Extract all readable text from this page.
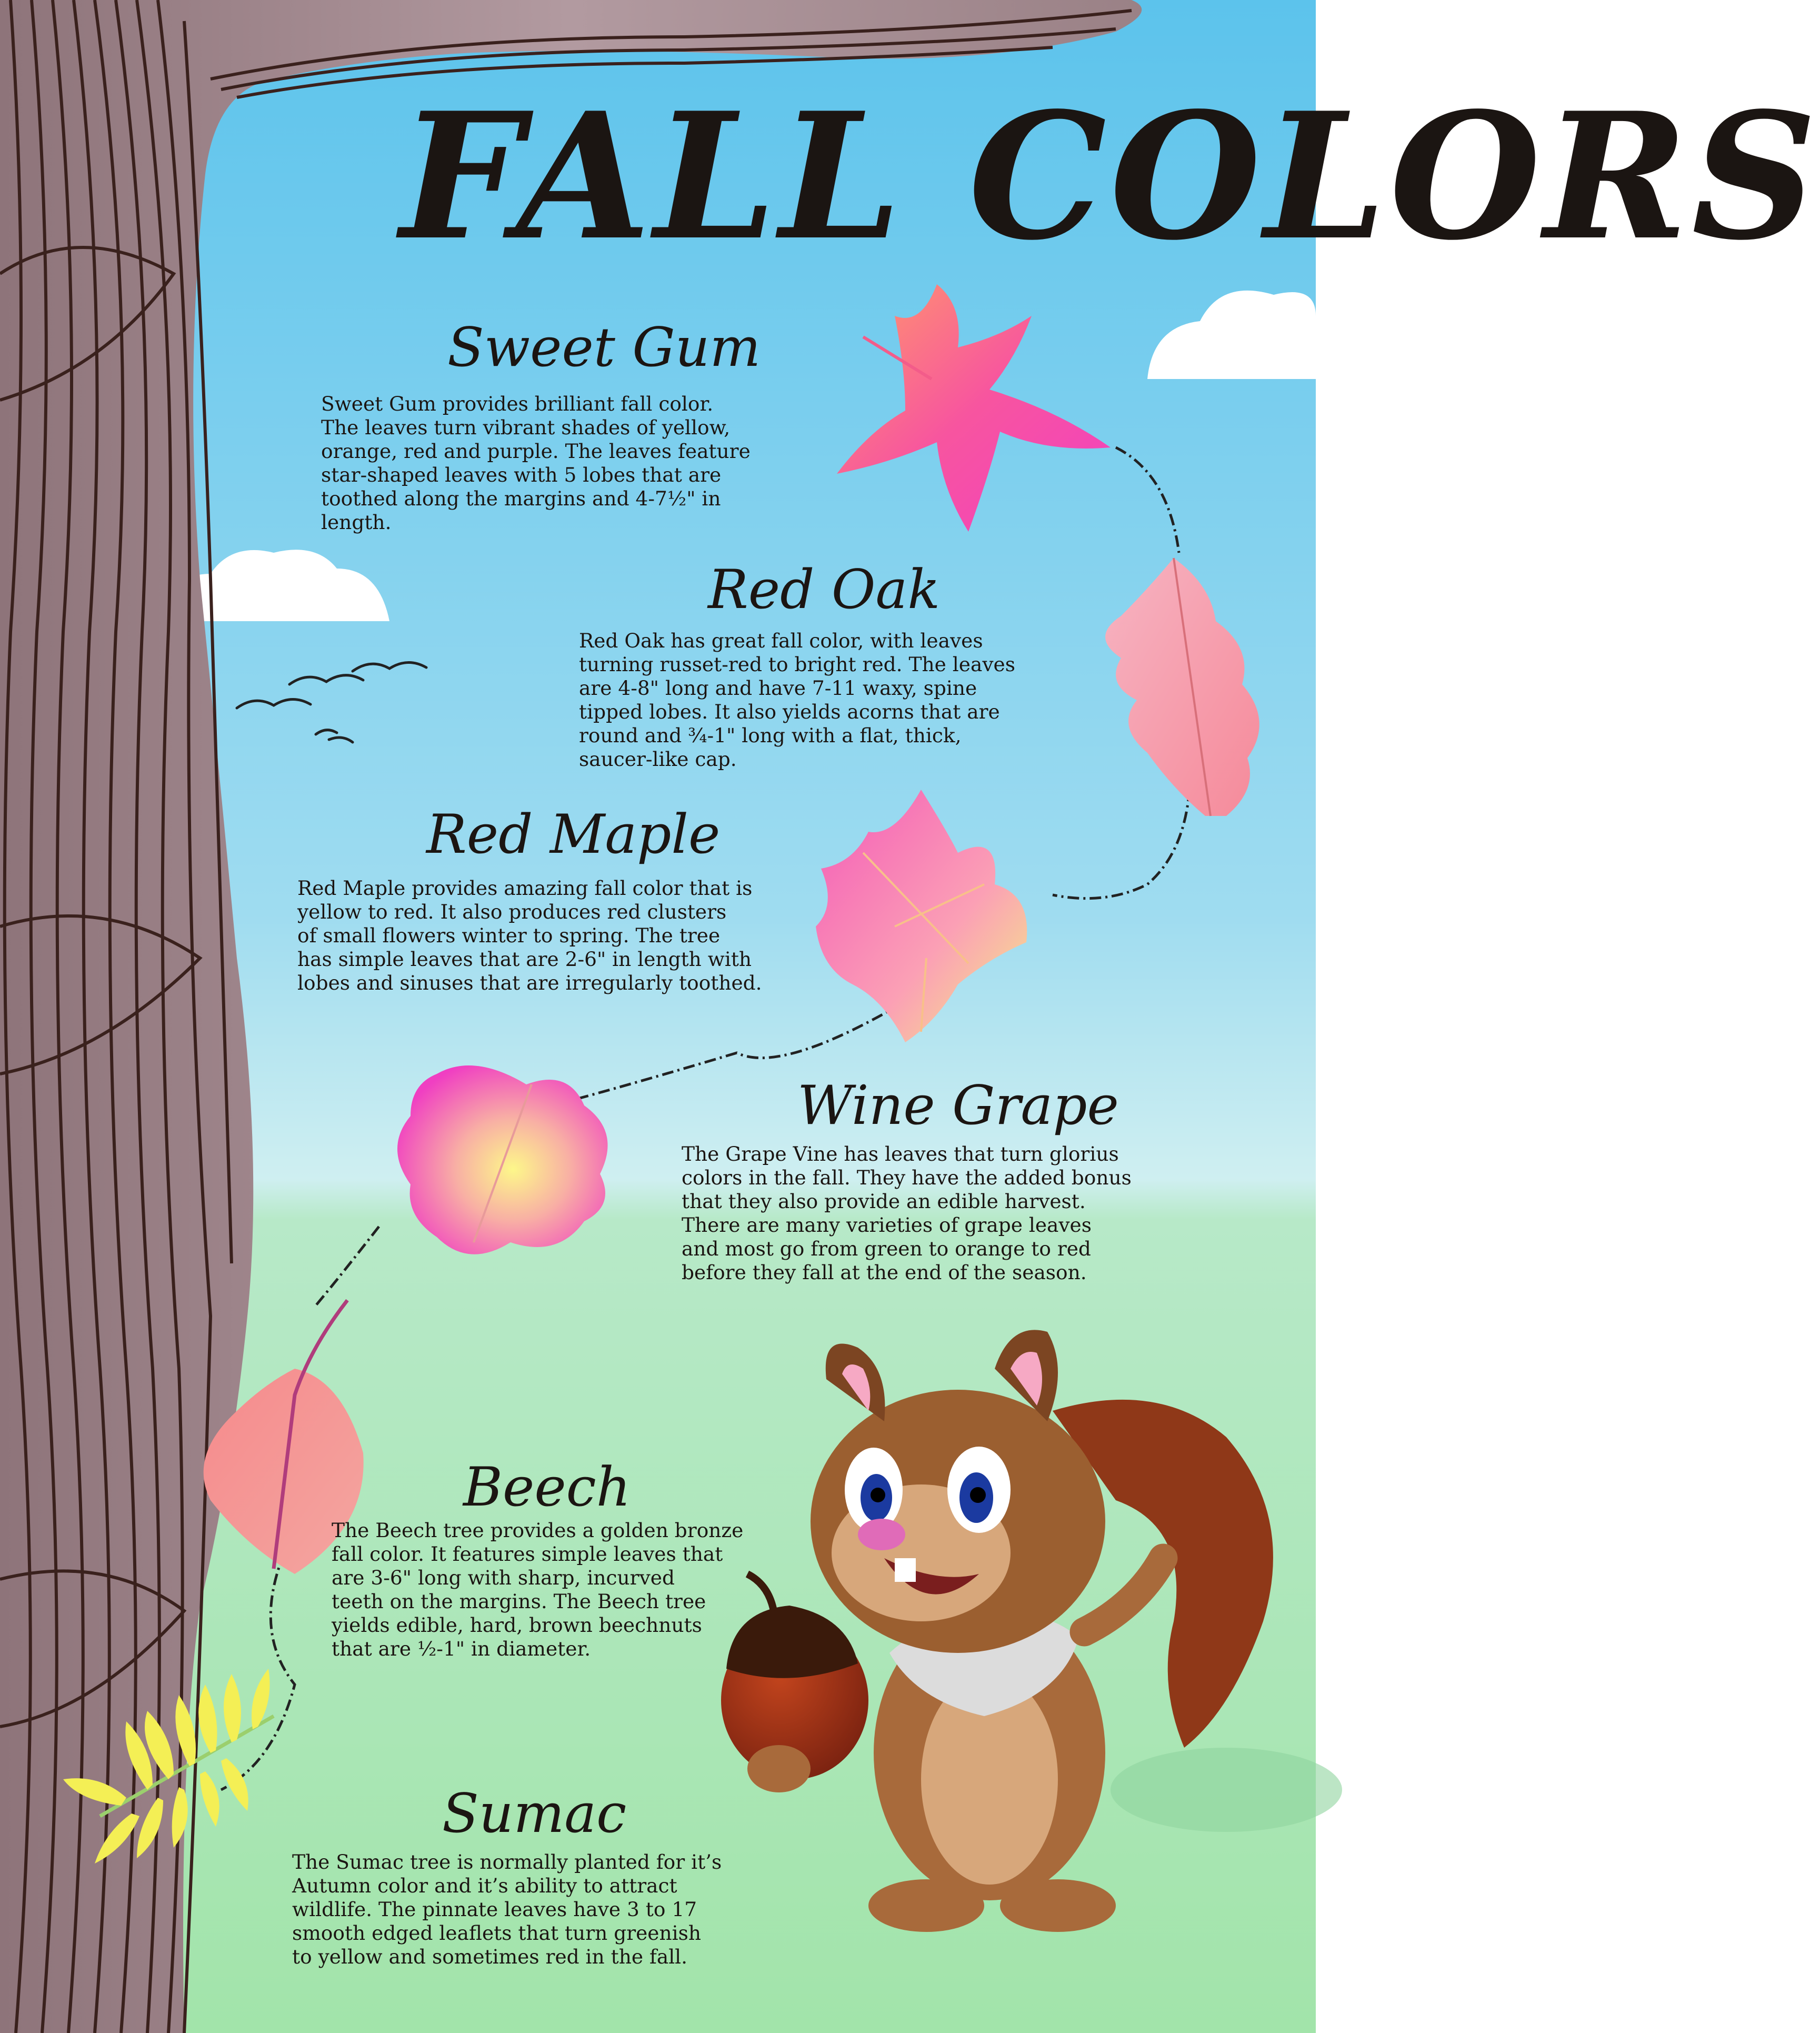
FALL COLORS
Sweet Gum

Sweet Gum provides brilliant fall color.
The leaves turn vibrant shades of yellow,
orange, red and purple. The leaves feature
star-shaped leaves with 5 lobes that are
toothed along the margins and 4-7½" in
length.

Red Oak

Red Oak has great fall color, with leaves
turning russet-red to bright red. The leaves
are 4-8" long and have 7-11 waxy, spine
tipped lobes. It also yields acorns that are
round and ¾-1" long with a flat, thick,
saucer-like cap.

Red Maple

Red Maple provides amazing fall color that is
yellow to red. It also produces red clusters
of small flowers winter to spring. The tree
has simple leaves that are 2-6" in length with
lobes and sinuses that are irregularly toothed.

Wine Grape

The Grape Vine has leaves that turn glorius
colors in the fall. They have the added bonus
that they also provide an edible harvest.
There are many varieties of grape leaves
and most go from green to orange to red
before they fall at the end of the season.

Beech

The Beech tree provides a golden bronze
fall color. It features simple leaves that
are 3-6" long with sharp, incurved
teeth on the margins. The Beech tree
yields edible, hard, brown beechnuts
that are ½-1" in diameter.

Sumac

The Sumac tree is normally planted for it’s
Autumn color and it’s ability to attract
wildlife. The pinnate leaves have 3 to 17
smooth edged leaflets that turn greenish
to yellow and sometimes red in the fall.
